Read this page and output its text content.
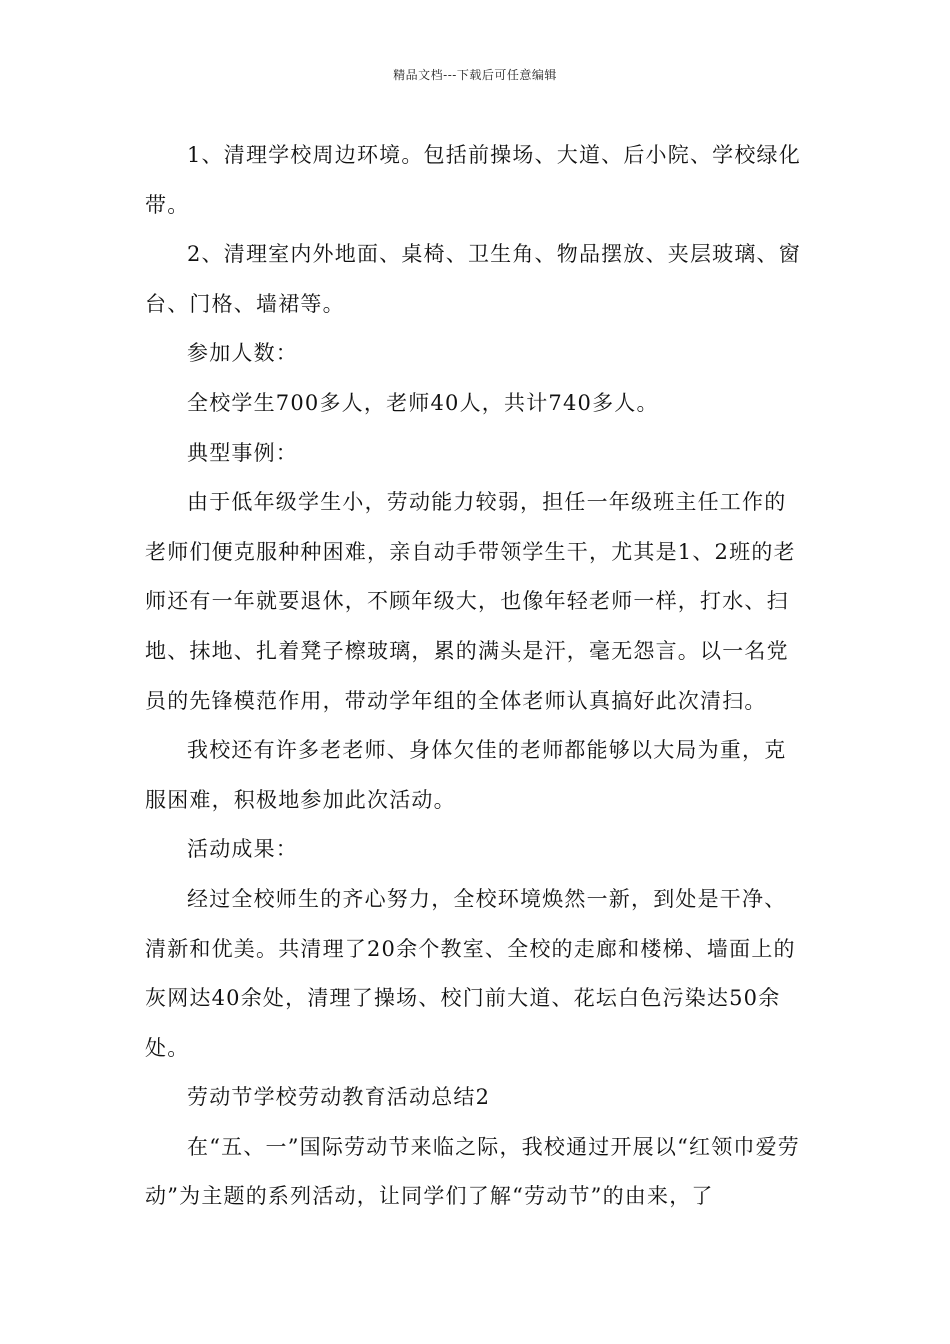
精品文档---下载后可任意编辑

1、清理学校周边环境。包括前操场、大道、后小院、学校绿化带。

2、清理室内外地面、桌椅、卫生角、物品摆放、夹层玻璃、窗台、门格、墙裙等。

参加人数：

全校学生700多人，老师40人，共计740多人。

典型事例：

由于低年级学生小，劳动能力较弱，担任一年级班主任工作的老师们便克服种种困难，亲自动手带领学生干，尤其是1、2班的老师还有一年就要退休，不顾年级大，也像年轻老师一样，打水、扫地、抹地、扎着凳子檫玻璃，累的满头是汗，毫无怨言。以一名党员的先锋模范作用，带动学年组的全体老师认真搞好此次清扫。

我校还有许多老老师、身体欠佳的老师都能够以大局为重，克服困难，积极地参加此次活动。

活动成果：

经过全校师生的齐心努力，全校环境焕然一新，到处是干净、清新和优美。共清理了20余个教室、全校的走廊和楼梯、墙面上的灰网达40余处，清理了操场、校门前大道、花坛白色污染达50余处。

劳动节学校劳动教育活动总结2

在“五、一”国际劳动节来临之际，我校通过开展以“红领巾爱劳动”为主题的系列活动，让同学们了解“劳动节”的由来，了
